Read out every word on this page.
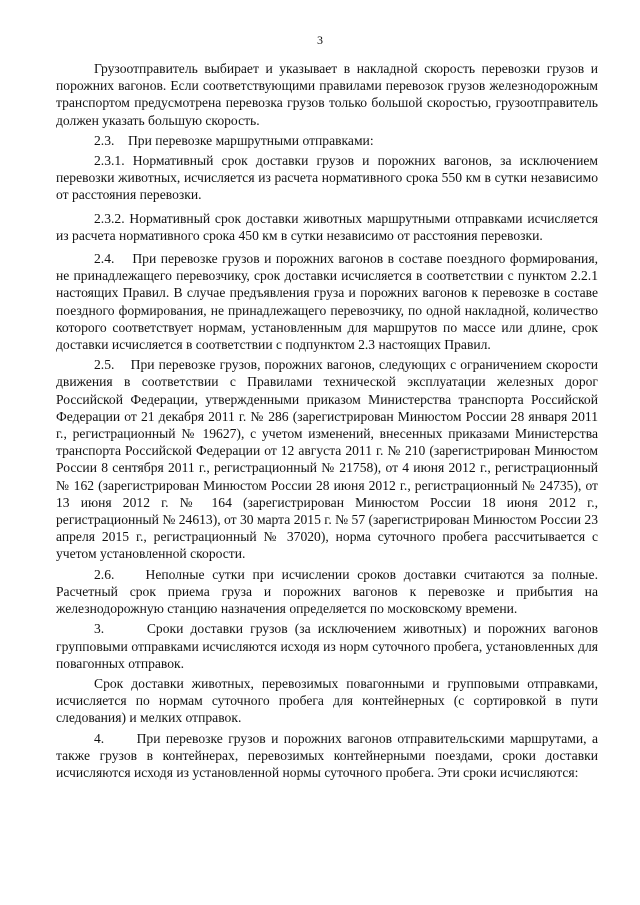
3

Грузоотправитель выбирает и указывает в накладной скорость перевозки грузов и порожних вагонов. Если соответствующими правилами перевозок грузов железнодорожным транспортом предусмотрена перевозка грузов только большой скоростью, грузоотправитель должен указать большую скорость.

2.3.    При перевозке маршрутными отправками:

2.3.1. Нормативный срок доставки грузов и порожних вагонов, за исключением перевозки животных, исчисляется из расчета нормативного срока 550 км в сутки независимо от расстояния перевозки.

2.3.2. Нормативный срок доставки животных маршрутными отправками исчисляется из расчета нормативного срока 450 км в сутки независимо от расстояния перевозки.

2.4.    При перевозке грузов и порожних вагонов в составе поездного формирования, не принадлежащего перевозчику, срок доставки исчисляется в соответствии с пунктом 2.2.1 настоящих Правил. В случае предъявления груза и порожних вагонов к перевозке в составе поездного формирования, не принадлежащего перевозчику, по одной накладной, количество которого соответствует нормам, установленным для маршрутов по массе или длине, срок доставки исчисляется в соответствии с подпунктом 2.3 настоящих Правил.

2.5.    При перевозке грузов, порожних вагонов, следующих с ограничением скорости движения в соответствии с Правилами технической эксплуатации железных дорог Российской Федерации, утвержденными приказом Министерства транспорта Российской Федерации от 21 декабря 2011 г. № 286 (зарегистрирован Минюстом России 28 января 2011 г., регистрационный № 19627), с учетом изменений, внесенных приказами Министерства транспорта Российской Федерации от 12 августа 2011 г. № 210 (зарегистрирован Минюстом России 8 сентября 2011 г., регистрационный № 21758), от 4 июня 2012 г., регистрационный № 162 (зарегистрирован Минюстом России 28 июня 2012 г., регистрационный № 24735), от 13 июня 2012 г. № 164 (зарегистрирован Минюстом России 18 июня 2012 г., регистрационный № 24613), от 30 марта 2015 г. № 57 (зарегистрирован Минюстом России 23 апреля 2015 г., регистрационный № 37020), норма суточного пробега рассчитывается с учетом установленной скорости.

2.6.    Неполные сутки при исчислении сроков доставки считаются за полные. Расчетный срок приема груза и порожних вагонов к перевозке и прибытия на железнодорожную станцию назначения определяется по московскому времени.

3.      Сроки доставки грузов (за исключением животных) и порожних вагонов групповыми отправками исчисляются исходя из норм суточного пробега, установленных для повагонных отправок.

Срок доставки животных, перевозимых повагонными и групповыми отправками, исчисляется по нормам суточного пробега для контейнерных (с сортировкой в пути следования) и мелких отправок.

4.      При перевозке грузов и порожних вагонов отправительскими маршрутами, а также грузов в контейнерах, перевозимых контейнерными поездами, сроки доставки исчисляются исходя из установленной нормы суточного пробега. Эти сроки исчисляются:
